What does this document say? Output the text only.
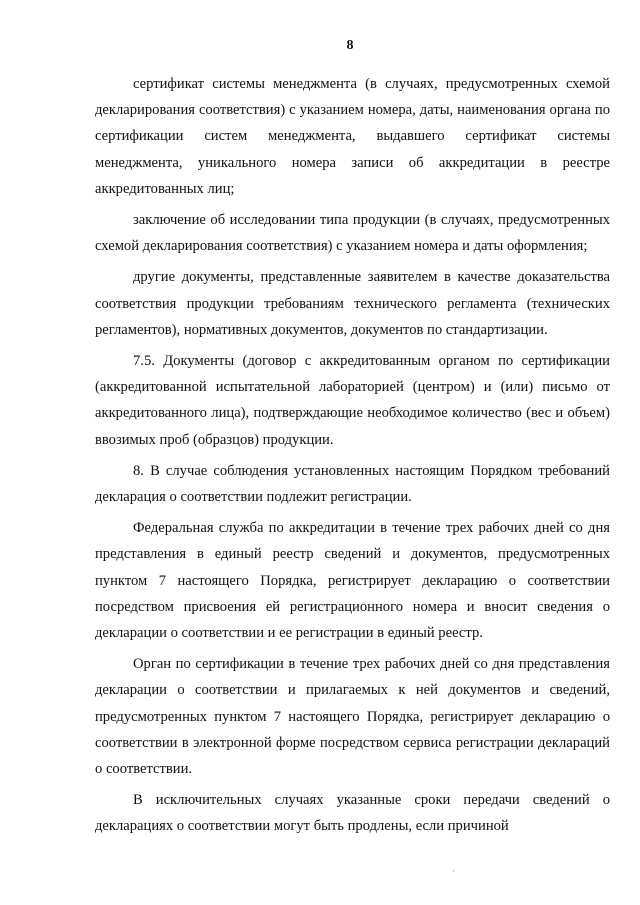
8

сертификат системы менеджмента (в случаях, предусмотренных схемой декларирования соответствия) с указанием номера, даты, наименования органа по сертификации систем менеджмента, выдавшего сертификат системы менеджмента, уникального номера записи об аккредитации в реестре аккредитованных лиц;

заключение об исследовании типа продукции (в случаях, предусмотренных схемой декларирования соответствия) с указанием номера и даты оформления;

другие документы, представленные заявителем в качестве доказательства соответствия продукции требованиям технического регламента (технических регламентов), нормативных документов, документов по стандартизации.

7.5. Документы (договор с аккредитованным органом по сертификации (аккредитованной испытательной лабораторией (центром) и (или) письмо от аккредитованного лица), подтверждающие необходимое количество (вес и объем) ввозимых проб (образцов) продукции.

8. В случае соблюдения установленных настоящим Порядком требований декларация о соответствии подлежит регистрации.

Федеральная служба по аккредитации в течение трех рабочих дней со дня представления в единый реестр сведений и документов, предусмотренных пунктом 7 настоящего Порядка, регистрирует декларацию о соответствии посредством присвоения ей регистрационного номера и вносит сведения о декларации о соответствии и ее регистрации в единый реестр.

Орган по сертификации в течение трех рабочих дней со дня представления декларации о соответствии и прилагаемых к ней документов и сведений, предусмотренных пунктом 7 настоящего Порядка, регистрирует декларацию о соответствии в электронной форме посредством сервиса регистрации деклараций о соответствии.

В исключительных случаях указанные сроки передачи сведений о декларациях о соответствии могут быть продлены, если причиной

·
